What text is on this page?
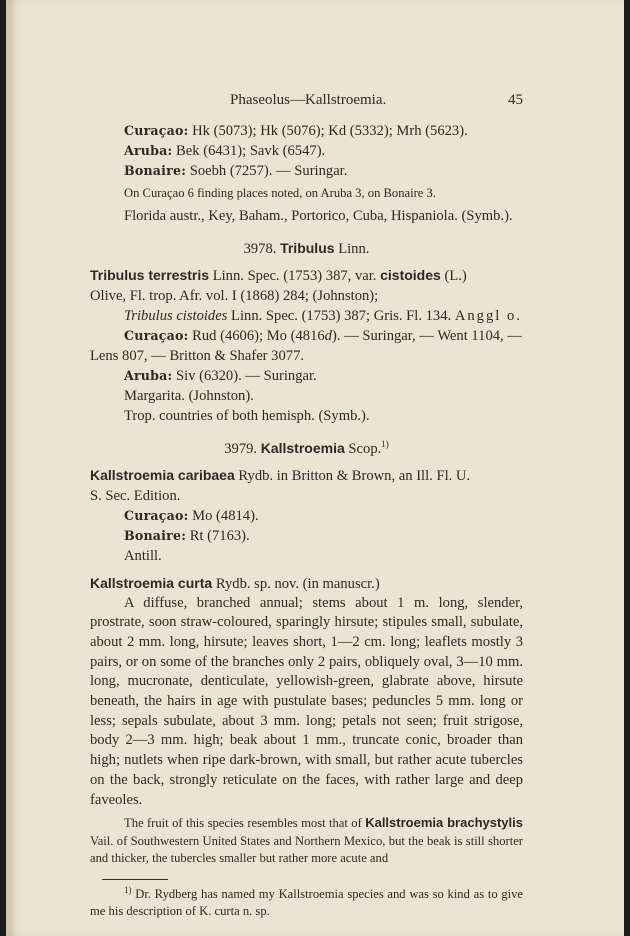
Phaseolus—Kallstroemia.	45
Curaçao: Hk (5073); Hk (5076); Kd (5332); Mrh (5623).
Aruba: Bek (6431); Savk (6547).
Bonaire: Soebh (7257). — Suringar.
On Curaçao 6 finding places noted, on Aruba 3, on Bonaire 3.
Florida austr., Key, Baham., Portorico, Cuba, Hispaniola. (Symb.).
3978. Tribulus Linn.
Tribulus terrestris Linn. Spec. (1753) 387, var. cistoides (L.)
Olive, Fl. trop. Afr. vol. I (1868) 284; (Johnston);
Tribulus cistoides Linn. Spec. (1753) 387; Gris. Fl. 134. Anggl o.
Curaçao: Rud (4606); Mo (4816d). — Suringar, — Went 1104, —
Lens 807, — Britton & Shafer 3077.
Aruba: Siv (6320). — Suringar.
Margarita. (Johnston).
Trop. countries of both hemisph. (Symb.).
3979. Kallstroemia Scop.$^{1)}$
Kallstroemia caribaea Rydb. in Britton & Brown, an Ill. Fl. U.
S. Sec. Edition.
Curaçao: Mo (4814).
Bonaire: Rt (7163).
Antill.
Kallstroemia curta Rydb. sp. nov. (in manuscr.)
A diffuse, branched annual; stems about 1 m. long, slender, prostrate, soon straw-coloured, sparingly hirsute; stipules small, subulate, about 2 mm. long, hirsute; leaves short, 1—2 cm. long; leaflets mostly 3 pairs, or on some of the branches only 2 pairs, obliquely oval, 3—10 mm. long, mucronate, denticulate, yellowish-green, glabrate above, hirsute beneath, the hairs in age with pustulate bases; peduncles 5 mm. long or less; sepals subulate, about 3 mm. long; petals not seen; fruit strigose, body 2—3 mm. high; beak about 1 mm., truncate conic, broader than high; nutlets when ripe dark-brown, with small, but rather acute tubercles on the back, strongly reticulate on the faces, with rather large and deep faveoles.
The fruit of this species resembles most that of Kallstroemia brachystylis Vail. of Southwestern United States and Northern Mexico, but the beak is still shorter and thicker, the tubercles smaller but rather more acute and
$^{1)}$ Dr. Rydberg has named my Kallstroemia species and was so kind as to give me his description of K. curta n. sp.
